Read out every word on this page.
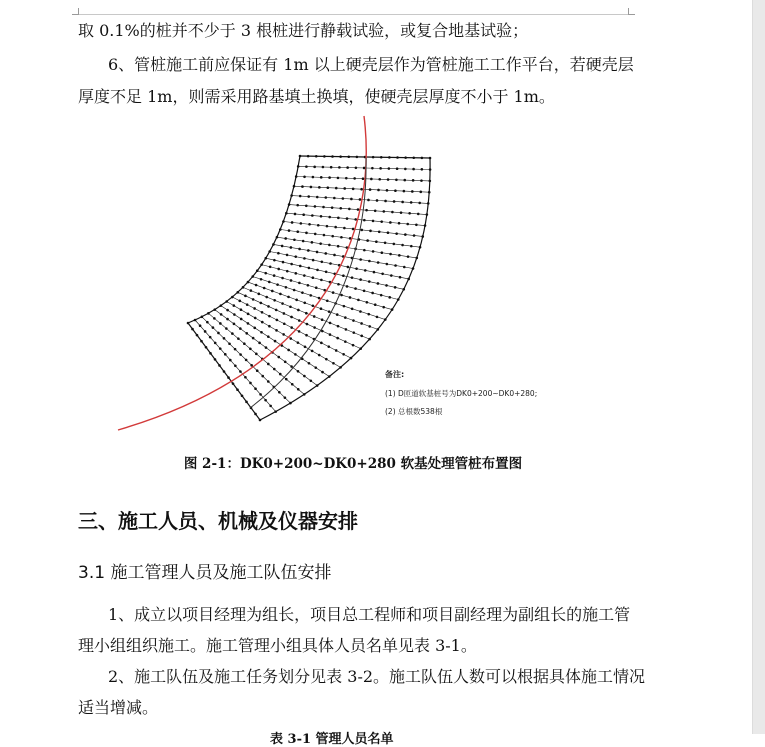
取 0.1%的桩并不少于 3 根桩进行静载试验，或复合地基试验；

6、管桩施工前应保证有 1m 以上硬壳层作为管桩施工工作平台，若硬壳层

厚度不足 1m，则需采用路基填土换填，使硬壳层厚度不小于 1m。

备注:
(1) D匝道软基桩号为DK0+200~DK0+280;
(2) 总根数538根
图 2-1：DK0+200~DK0+280 软基处理管桩布置图
三、施工人员、机械及仪器安排
3.1 施工管理人员及施工队伍安排

1、成立以项目经理为组长，项目总工程师和项目副经理为副组长的施工管

理小组组织施工。施工管理小组具体人员名单见表 3-1。

2、施工队伍及施工任务划分见表 3-2。施工队伍人数可以根据具体施工情况

适当增减。

表 3-1 管理人员名单
